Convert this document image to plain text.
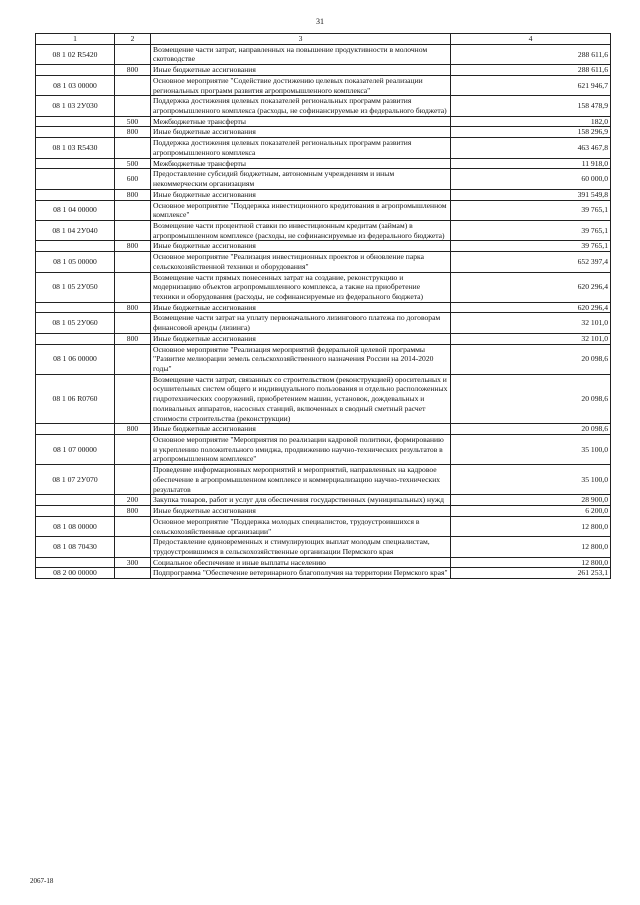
31
1	2	3	4
08 1 02 R5420		Возмещение части затрат, направленных на повышение продуктивности в молочном скотоводстве	288 611,6
	800	Иные бюджетные ассигнования	288 611,6
08 1 03 00000		Основное мероприятие "Содействие достижению целевых показателей реализации региональных программ развития агропромышленного комплекса"	621 946,7
08 1 03 2У030		Поддержка достижения целевых показателей региональных программ развития агропромышленного комплекса (расходы, не софинансируемые из федерального бюджета)	158 478,9
	500	Межбюджетные трансферты	182,0
	800	Иные бюджетные ассигнования	158 296,9
08 1 03 R5430		Поддержка достижения целевых показателей региональных программ развития агропромышленного комплекса	463 467,8
	500	Межбюджетные трансферты	11 918,0
	600	Предоставление субсидий бюджетным, автономным учреждениям и иным некоммерческим организациям	60 000,0
	800	Иные бюджетные ассигнования	391 549,8
08 1 04 00000		Основное мероприятие "Поддержка инвестиционного кредитования в агропромышленном комплексе"	39 765,1
08 1 04 2У040		Возмещение части процентной ставки по инвестиционным кредитам (займам) в агропромышленном комплексе (расходы, не софинансируемые из федерального бюджета)	39 765,1
	800	Иные бюджетные ассигнования	39 765,1
08 1 05 00000		Основное мероприятие "Реализация инвестиционных проектов и обновление парка сельскохозяйственной техники и оборудования"	652 397,4
08 1 05 2У050		Возмещение части прямых понесенных затрат на создание, реконструкцию и модернизацию объектов агропромышленного комплекса, а также на приобретение техники и оборудования (расходы, не софинансируемые из федерального бюджета)	620 296,4
	800	Иные бюджетные ассигнования	620 296,4
08 1 05 2У060		Возмещение части затрат на уплату первоначального лизингового платежа по договорам финансовой аренды (лизинга)	32 101,0
	800	Иные бюджетные ассигнования	32 101,0
08 1 06 00000		Основное мероприятие "Реализация мероприятий федеральной целевой программы "Развитие мелиорации земель сельскохозяйственного назначения России на 2014-2020 годы"	20 098,6
08 1 06 R0760		Возмещение части затрат, связанных со строительством (реконструкцией) оросительных и осушительных систем общего и индивидуального пользования и отдельно расположенных гидротехнических сооружений, приобретением машин, установок, дождевальных и поливальных аппаратов, насосных станций, включенных в сводный сметный расчет стоимости строительства (реконструкции)	20 098,6
	800	Иные бюджетные ассигнования	20 098,6
08 1 07 00000		Основное мероприятие "Мероприятия по реализации кадровой политики, формированию и укреплению положительного имиджа, продвижению научно-технических результатов в агропромышленном комплексе"	35 100,0
08 1 07 2У070		Проведение информационных мероприятий и мероприятий, направленных на кадровое обеспечение в агропромышленном комплексе и коммерциализацию научно-технических результатов	35 100,0
	200	Закупка товаров, работ и услуг для обеспечения государственных (муниципальных) нужд	28 900,0
	800	Иные бюджетные ассигнования	6 200,0
08 1 08 00000		Основное мероприятие "Поддержка молодых специалистов, трудоустроившихся в сельскохозяйственные организации"	12 800,0
08 1 08 70430		Предоставление единовременных и стимулирующих выплат молодым специалистам, трудоустроившимся в сельскохозяйственные организации Пермского края	12 800,0
	300	Социальное обеспечение и иные выплаты населению	12 800,0
08 2 00 00000		Подпрограмма "Обеспечение ветеринарного благополучия на территории Пермского края"	261 253,1
2067-18
